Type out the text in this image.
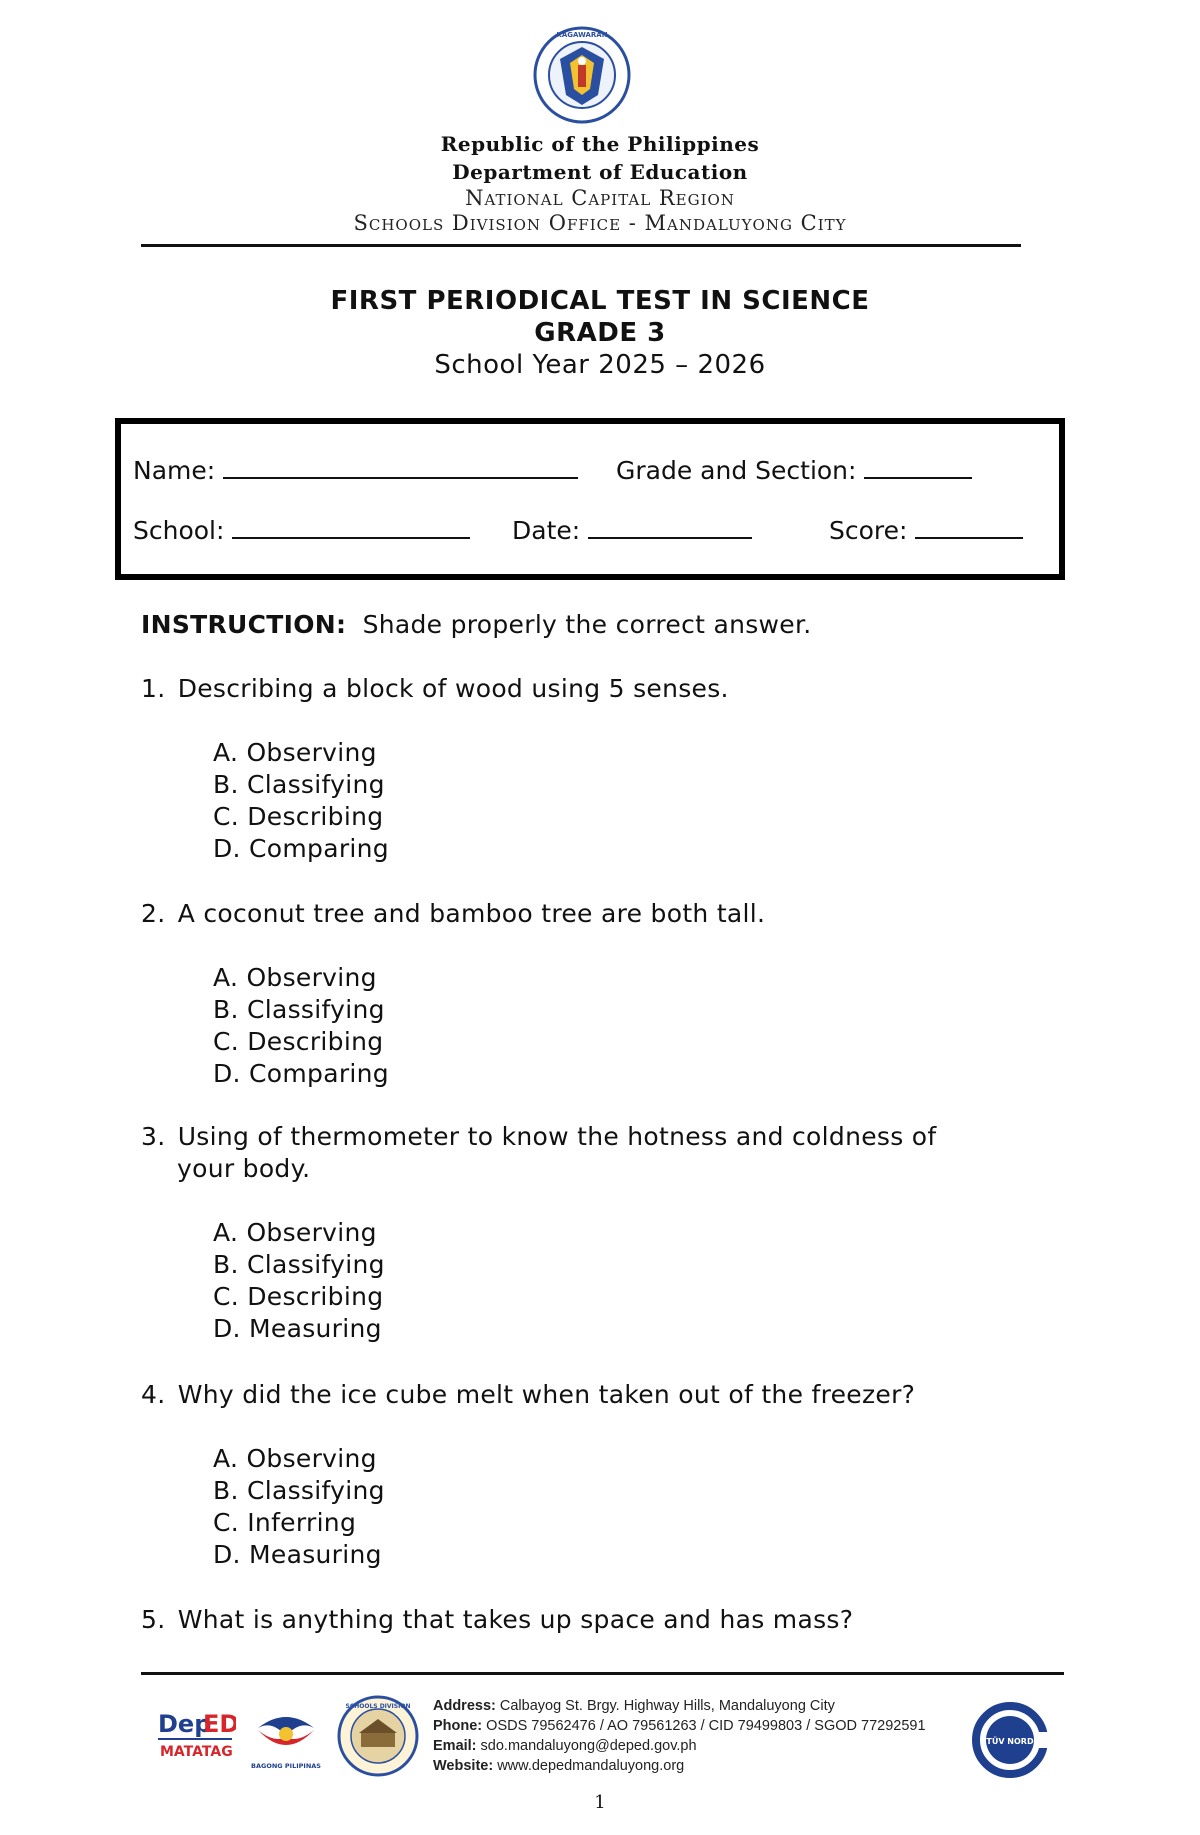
KAGAWARAN
Republic of the Philippines
Department of Education
National Capital Region
Schools Division Office - Mandaluyong City
FIRST PERIODICAL TEST IN SCIENCE
GRADE 3
School Year 2025 – 2026
Name:	Grade and Section:
School:	Date:	Score:
INSTRUCTION: Shade properly the correct answer.
1. Describing a block of wood using 5 senses.
A. Observing
B. Classifying
C. Describing
D. Comparing
2. A coconut tree and bamboo tree are both tall.
A. Observing
B. Classifying
C. Describing
D. Comparing
3. Using of thermometer to know the hotness and coldness of
your body.
A. Observing
B. Classifying
C. Describing
D. Measuring
4. Why did the ice cube melt when taken out of the freezer?
A. Observing
B. Classifying
C. Inferring
D. Measuring
5. What is anything that takes up space and has mass?
Dep
ED
MATATAG
BAGONG PILIPINAS
SCHOOLS DIVISION Address: Calbayog St. Brgy. Highway Hills, Mandaluyong City
Phone: OSDS 79562476 / AO 79561263 / CID 79499803 / SGOD 77292591
Email: sdo.mandaluyong@deped.gov.ph
Website: www.depedmandaluyong.org
TÜV NORD
1
